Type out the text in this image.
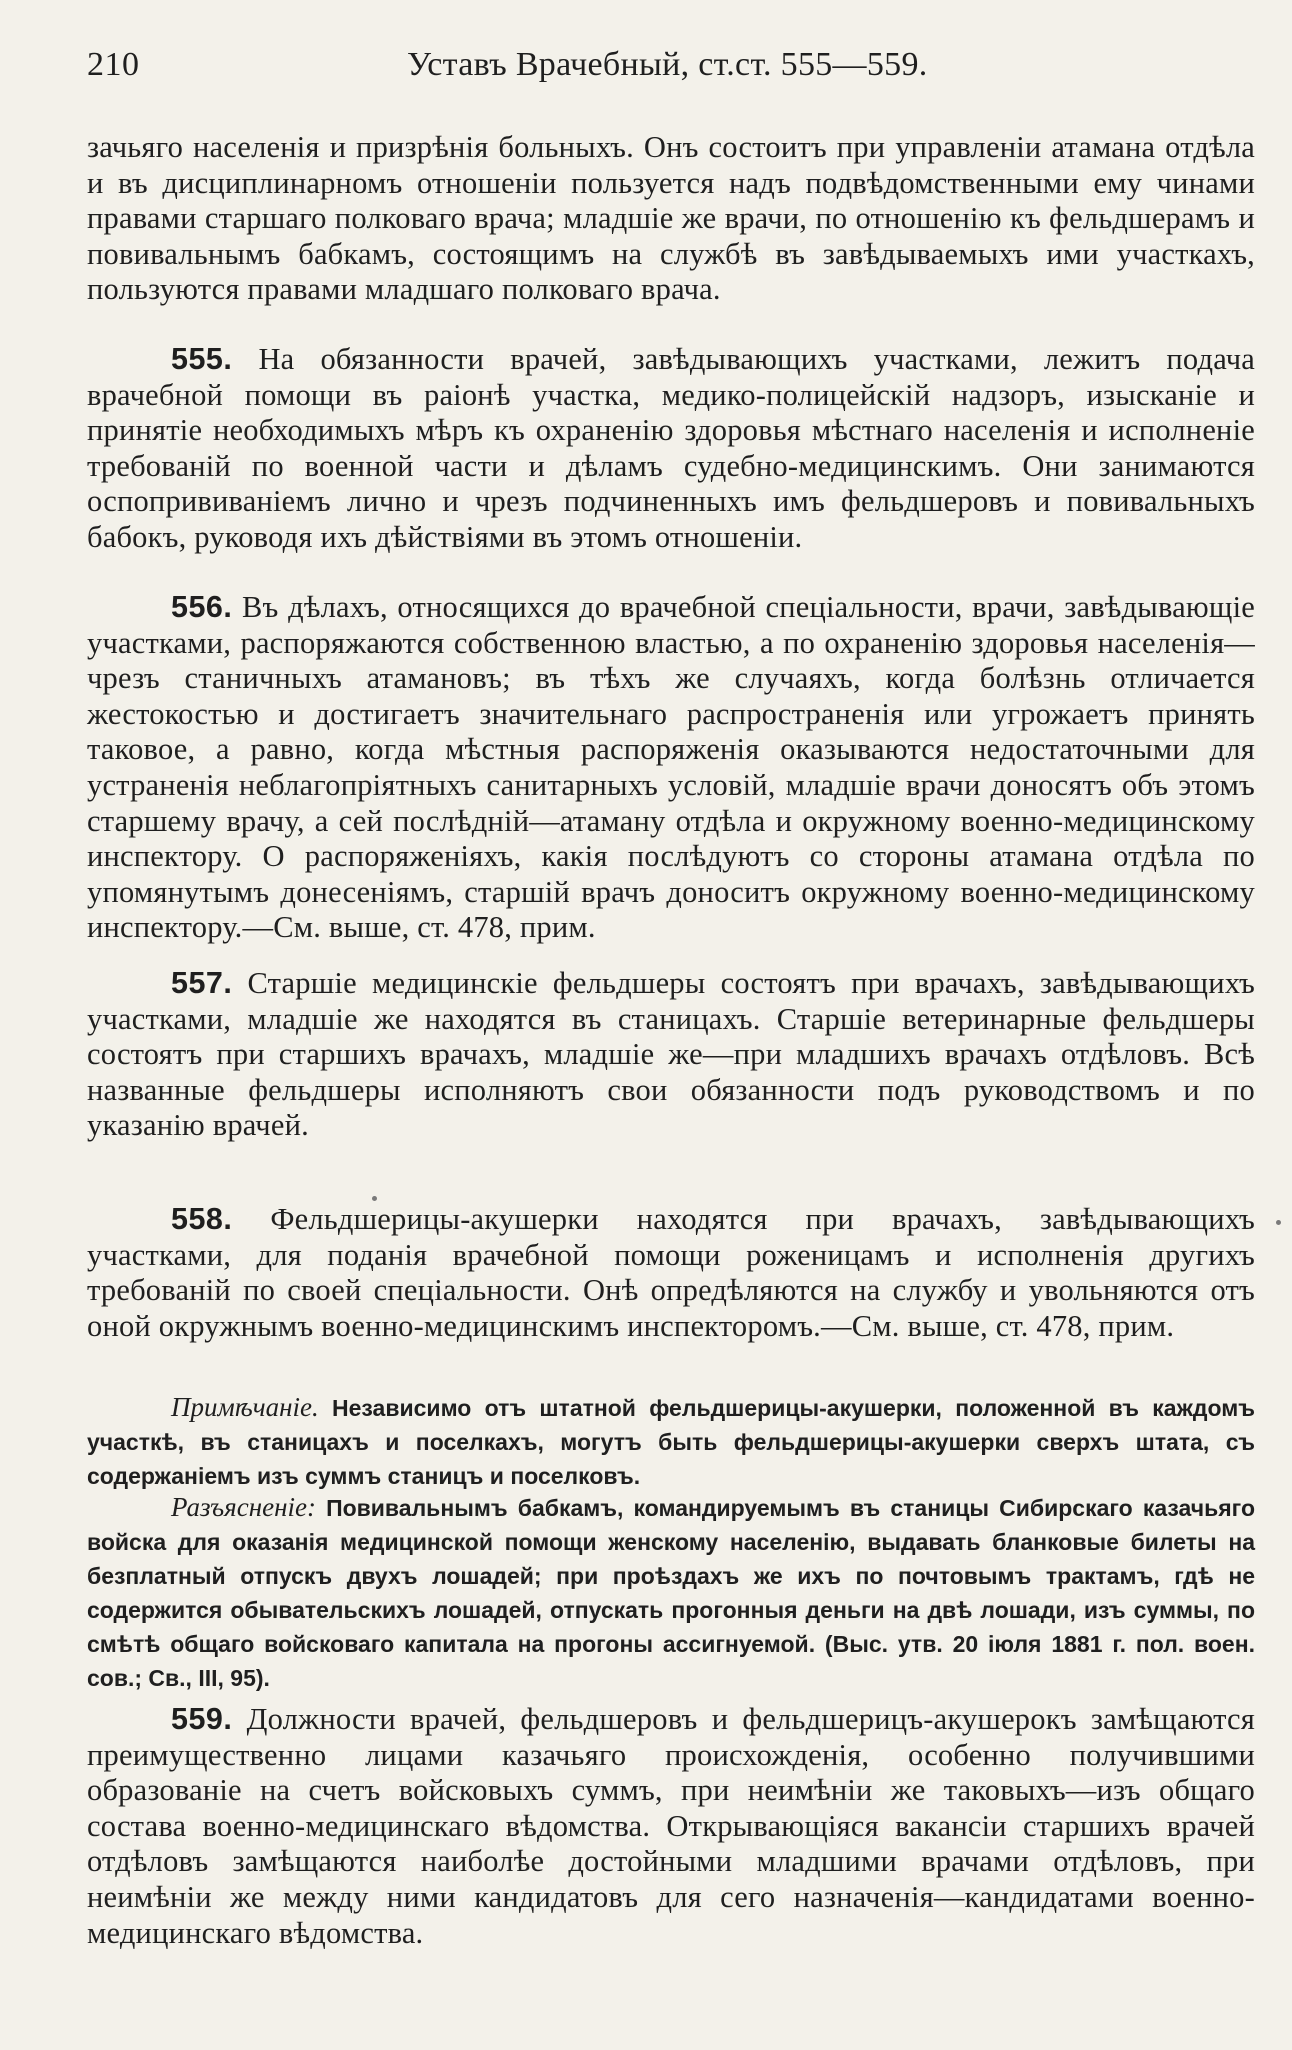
210	Уставъ Врачебный, ст.ст. 555—559.

зачьяго населенія и призрѣнія больныхъ. Онъ состоитъ при управленіи атамана отдѣла и въ дисциплинарномъ отношеніи пользуется надъ подвѣдомственными ему чинами правами старшаго полковаго врача; младшіе же врачи, по отношенію къ фельдшерамъ и повивальнымъ бабкамъ, состоящимъ на службѣ въ завѣдываемыхъ ими участкахъ, пользуются правами младшаго полковаго врача.

555. На обязанности врачей, завѣдывающихъ участками, лежитъ подача врачебной помощи въ раіонѣ участка, медико-полицейскій надзоръ, изысканіе и принятіе необходимыхъ мѣръ къ охраненію здоровья мѣстнаго населенія и исполненіе требованій по военной части и дѣламъ судебно-медицинскимъ. Они занимаются оспопрививаніемъ лично и чрезъ подчиненныхъ имъ фельдшеровъ и повивальныхъ бабокъ, руководя ихъ дѣйствіями въ этомъ отношеніи.

556. Въ дѣлахъ, относящихся до врачебной спеціальности, врачи, завѣдывающіе участками, распоряжаются собственною властью, а по охраненію здоровья населенія—чрезъ станичныхъ атамановъ; въ тѣхъ же случаяхъ, когда болѣзнь отличается жестокостью и достигаетъ значительнаго распространенія или угрожаетъ принять таковое, а равно, когда мѣстныя распоряженія оказываются недостаточными для устраненія неблагопріятныхъ санитарныхъ условій, младшіе врачи доносятъ объ этомъ старшему врачу, а сей послѣдній—атаману отдѣла и окружному военно-медицинскому инспектору. О распоряженіяхъ, какія послѣдуютъ со стороны атамана отдѣла по упомянутымъ донесеніямъ, старшій врачъ доноситъ окружному военно-медицинскому инспектору.—См. выше, ст. 478, прим.

557. Старшіе медицинскіе фельдшеры состоятъ при врачахъ, завѣдывающихъ участками, младшіе же находятся въ станицахъ. Старшіе ветеринарные фельдшеры состоятъ при старшихъ врачахъ, младшіе же—при младшихъ врачахъ отдѣловъ. Всѣ названные фельдшеры исполняютъ свои обязанности подъ руководствомъ и по указанію врачей.

558. Фельдшерицы-акушерки находятся при врачахъ, завѣдывающихъ участками, для поданія врачебной помощи роженицамъ и исполненія другихъ требованій по своей спеціальности. Онѣ опредѣляются на службу и увольняются отъ оной окружнымъ военно-медицинскимъ инспекторомъ.—См. выше, ст. 478, прим.

Примѣчаніе. Независимо отъ штатной фельдшерицы-акушерки, положенной въ каждомъ участкѣ, въ станицахъ и поселкахъ, могутъ быть фельдшерицы-акушерки сверхъ штата, съ содержаніемъ изъ суммъ станицъ и поселковъ.
Разъясненіе: Повивальнымъ бабкамъ, командируемымъ въ станицы Сибирскаго казачьяго войска для оказанія медицинской помощи женскому населенію, выдавать бланковые билеты на безплатный отпускъ двухъ лошадей; при проѣздахъ же ихъ по почтовымъ трактамъ, гдѣ не содержится обывательскихъ лошадей, отпускать прогонныя деньги на двѣ лошади, изъ суммы, по смѣтѣ общаго войсковаго капитала на прогоны ассигнуемой. (Выс. утв. 20 іюля 1881 г. пол. воен. сов.; Св., III, 95).

559. Должности врачей, фельдшеровъ и фельдшерицъ-акушерокъ замѣщаются преимущественно лицами казачьяго происхожденія, особенно получившими образованіе на счетъ войсковыхъ суммъ, при неимѣніи же таковыхъ—изъ общаго состава военно-медицинскаго вѣдомства. Открывающіяся вакансіи старшихъ врачей отдѣловъ замѣщаются наиболѣе достойными младшими врачами отдѣловъ, при неимѣніи же между ними кандидатовъ для сего назначенія—кандидатами военно-медицинскаго вѣдомства.
